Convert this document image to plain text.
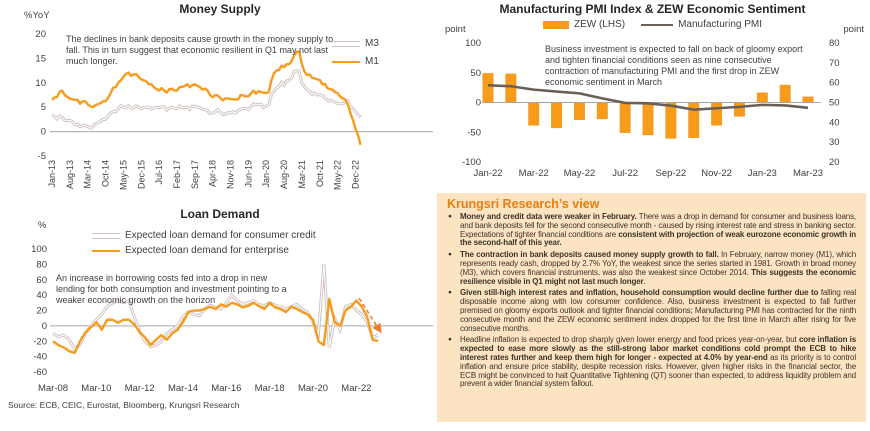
Money Supply
%YoY
20
15
10
5
0
-5
Jan-13 Aug-13 Mar-14 Oct-14 May-15 Dec-15 Jul-16 Feb-17 Sep-17 Apr-18 Nov-18 Jun-19 Jan-20 Aug-20 Mar-21 Oct-21 May-22 Dec-22
The declines in bank deposits cause growth in the money supply to fall. This in turn suggest that economic resilient in Q1 may not last much longer.
M3
M1
Manufacturing PMI Index & ZEW Economic Sentiment
point	point
ZEW (LHS)	Manufacturing PMI
100
50
0
-50
-100
80
70
60
50
40
30
20
Jan-22 Mar-22 May-22 Jul-22 Sep-22 Nov-22 Jan-23 Mar-23
Business investment is expected to fall on back of gloomy export and tighten financial conditions seen as nine consecutive contraction of manufacturing PMI and the first drop in ZEW economic sentiment in March
Loan Demand
%
Expected loan demand for consumer credit
Expected loan demand for enterprise
100
80
60
40
20
0
-20
-40
-60
Mar-08 Mar-10 Mar-12 Mar-14 Mar-16 Mar-18 Mar-20 Mar-22
An increase in borrowing costs fed into a drop in new lending for both consumption and investment pointing to a weaker economic growth on the horizon
Krungsri Research’s view
● Money and credit data were weaker in February. There was a drop in demand for consumer and business loans, and bank deposits fell for the second consecutive month - caused by rising interest rate and stress in banking sector. Expectations of tighter financial conditions are consistent with projection of weak eurozone economic growth in the second-half of this year.
● The contraction in bank deposits caused money supply growth to fall. In February, narrow money (M1), which represents ready cash, dropped by 2.7% YoY, the weakest since the series started in 1981. Growth in broad money (M3), which covers financial instruments, was also the weakest since October 2014. This suggests the economic resilience visible in Q1 might not last much longer.
● Given still-high interest rates and inflation, household consumption would decline further due to falling real disposable income along with low consumer confidence. Also, business investment is expected to fall further premised on gloomy exports outlook and tighter financial conditions; Manufacturing PMI has contracted for the ninth consecutive month and the ZEW economic sentiment index dropped for the first time in March after rising for five consecutive months.
● Headline inflation is expected to drop sharply given lower energy and food prices year-on-year, but core inflation is expected to ease more slowly as the still-strong labor market conditions cold prompt the ECB to hike interest rates further and keep them high for longer - expected at 4.0% by year-end as its priority is to control inflation and ensure price stability, despite recession risks. However, given higher risks in the financial sector, the ECB might be convinced to halt Quantitative Tightening (QT) sooner than expected, to address liquidity problem and prevent a wider financial system fallout.
Source: ECB, CEIC, Eurostat, Bloomberg, Krungsri Research
